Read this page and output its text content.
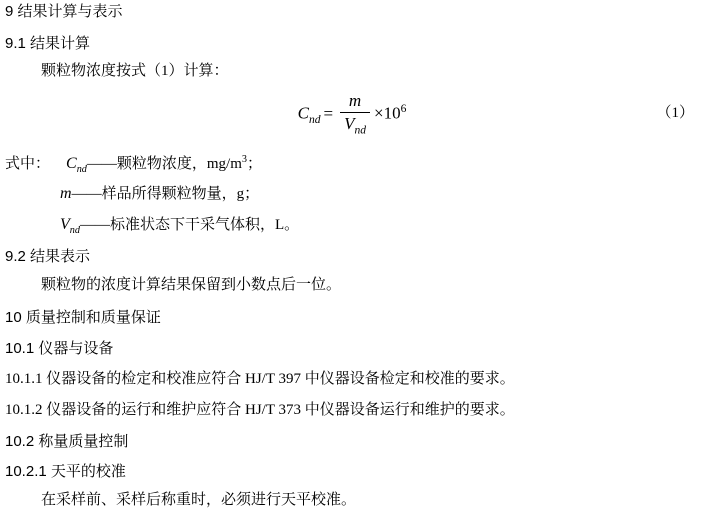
9 结果计算与表示
9.1 结果计算
颗粒物浓度按式（1）计算：
$C_{nd} = \frac{m}{V_{nd}} \times 10^6$	（1）
式中： $C_{nd}——$颗粒物浓度，$mg/m^3$；
m——样品所得颗粒物量，g；
$V_{nd}——$标准状态下干采气体积，L。
9.2 结果表示
颗粒物的浓度计算结果保留到小数点后一位。
10 质量控制和质量保证
10.1 仪器与设备
10.1.1 仪器设备的检定和校准应符合 HJ/T 397 中仪器设备检定和校准的要求。
10.1.2 仪器设备的运行和维护应符合 HJ/T 373 中仪器设备运行和维护的要求。
10.2 称量质量控制
10.2.1 天平的校准
在采样前、采样后称重时，必须进行天平校准。
